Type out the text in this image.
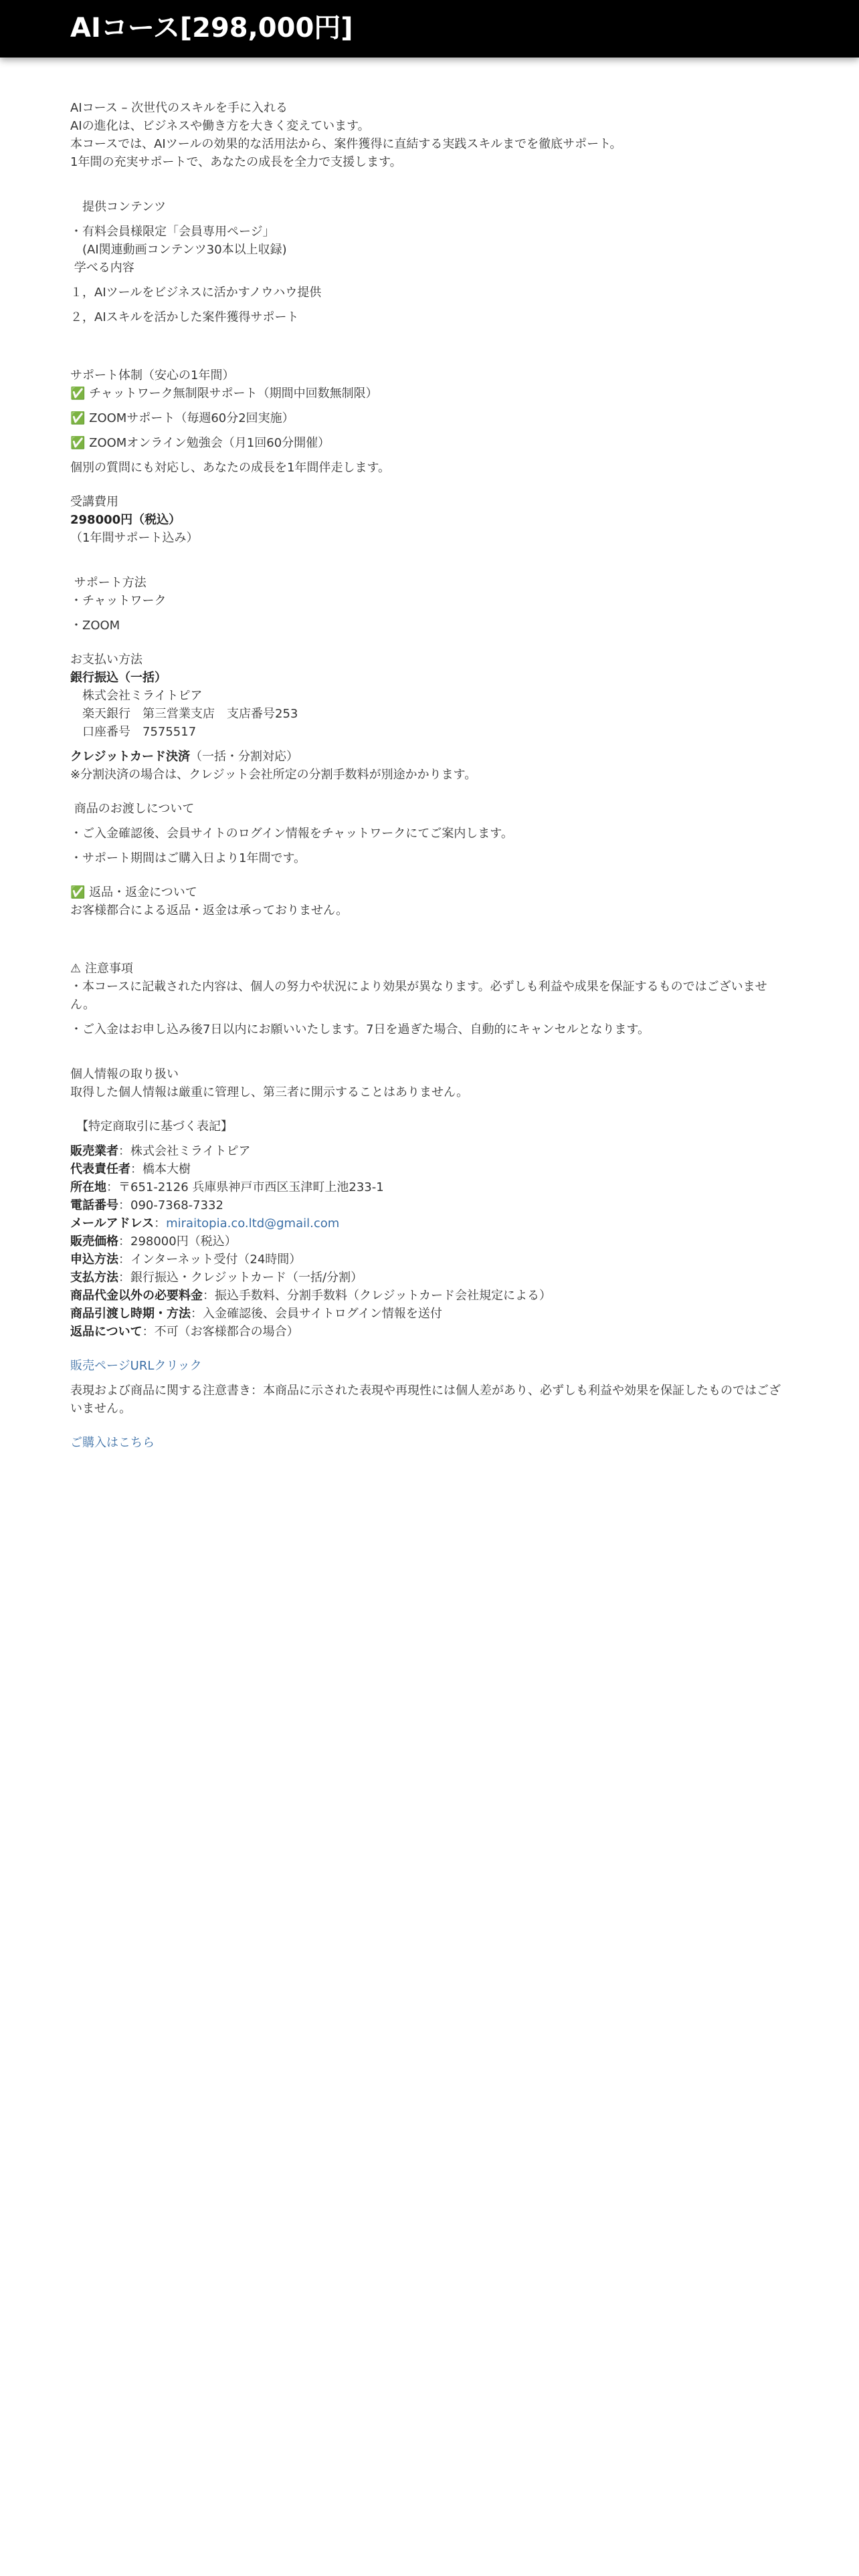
AIコース[298,000円]
AIコース – 次世代のスキルを手に入れる
AIの進化は、ビジネスや働き方を大きく変えています。
本コースでは、AIツールの効果的な活用法から、案件獲得に直結する実践スキルまでを徹底サポート。
1年間の充実サポートで、あなたの成長を全力で支援します。
　提供コンテンツ
・有料会員様限定「会員専用ページ」
　(AI関連動画コンテンツ30本以上収録)
学べる内容
１，AIツールをビジネスに活かすノウハウ提供
２，AIスキルを活かした案件獲得サポート
サポート体制（安心の1年間）
✅ チャットワーク無制限サポート（期間中回数無制限）
✅ ZOOMサポート（毎週60分2回実施）
✅ ZOOMオンライン勉強会（月1回60分開催）
個別の質問にも対応し、あなたの成長を1年間伴走します。
受講費用
298000円（税込）
（1年間サポート込み）
サポート方法
・チャットワーク
・ZOOM
お支払い方法
銀行振込（一括）
　株式会社ミライトピア
　楽天銀行　第三営業支店　支店番号253
　口座番号　7575517
クレジットカード決済（一括・分割対応）
※分割決済の場合は、クレジット会社所定の分割手数料が別途かかります。
商品のお渡しについて
・ご入金確認後、会員サイトのログイン情報をチャットワークにてご案内します。
・サポート期間はご購入日より1年間です。
✅ 返品・返金について
お客様都合による返品・返金は承っておりません。
⚠ 注意事項
・本コースに記載された内容は、個人の努力や状況により効果が異なります。必ずしも利益や成果を保証するものではございません。
・ご入金はお申し込み後7日以内にお願いいたします。7日を過ぎた場合、自動的にキャンセルとなります。
個人情報の取り扱い
取得した個人情報は厳重に管理し、第三者に開示することはありません。
　【特定商取引に基づく表記】
販売業者：株式会社ミライトピア
代表責任者：橋本大樹
所在地：〒651-2126 兵庫県神戸市西区玉津町上池233-1
電話番号：090-7368-7332
メールアドレス：miraitopia.co.ltd@gmail.com
販売価格：298000円（税込）
申込方法：インターネット受付（24時間）
支払方法：銀行振込・クレジットカード（一括/分割）
商品代金以外の必要料金：振込手数料、分割手数料（クレジットカード会社規定による）
商品引渡し時期・方法：入金確認後、会員サイトログイン情報を送付
返品について：不可（お客様都合の場合）
販売ページURLクリック
表現および商品に関する注意書き：本商品に示された表現や再現性には個人差があり、必ずしも利益や効果を保証したものではございません。
ご購入はこちら
